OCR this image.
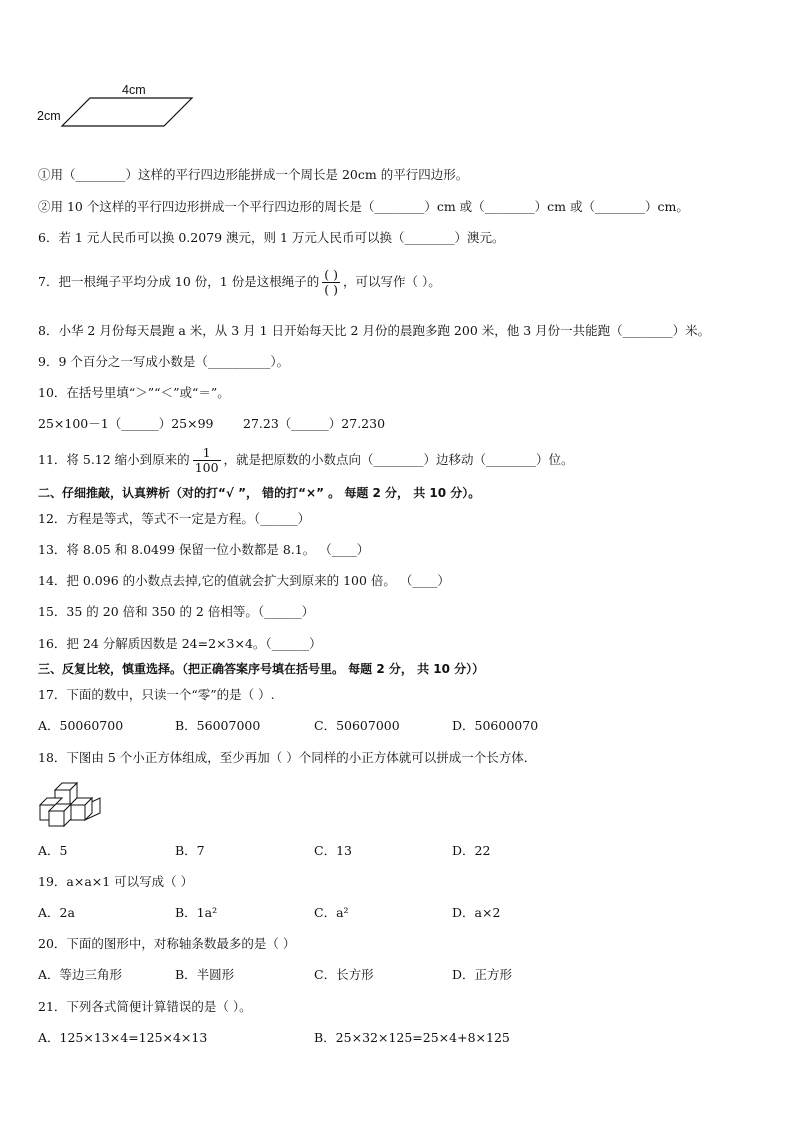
4cm
2cm
①用（________）这样的平行四边形能拼成一个周长是 20cm 的平行四边形。
②用 10 个这样的平行四边形拼成一个平行四边形的周长是（________）cm 或（________）cm 或（________）cm。
6．若 1 元人民币可以换 0.2079 澳元，则 1 万元人民币可以换（________）澳元。
7．把一根绳子平均分成 10 份，1 份是这根绳子的 $\frac{( )}{( )}$ ，可以写作（ ）。
8．小华 2 月份每天晨跑 a 米，从 3 月 1 日开始每天比 2 月份的晨跑多跑 200 米，他 3 月份一共能跑（________）米。
9．9 个百分之一写成小数是（__________）。
10．在括号里填“＞”“＜”或“＝”。
25×100－1（______）25×99 27.23（______）27.230
11．将 5.12 缩小到原来的 $\frac{1}{100}$ ，就是把原数的小数点向（________）边移动（________）位。
二、仔细推敲，认真辨析（对的打“√ ”， 错的打“×” 。 每题 2 分， 共 10 分）。
12．方程是等式，等式不一定是方程。（______）
13．将 8.05 和 8.0499 保留一位小数都是 8.1。 （____）
14．把 0.096 的小数点去掉,它的值就会扩大到原来的 100 倍。 （____）
15．35 的 20 倍和 350 的 2 倍相等。（______）
16．把 24 分解质因数是 24=2×3×4。（______）
三、反复比较，慎重选择。（把正确答案序号填在括号里。 每题 2 分， 共 10 分））
17．下面的数中，只读一个“零”的是（ ）.
A．50060700	B．56007000	C．50607000	D．50600070
18．下图由 5 个小正方体组成，至少再加（ ）个同样的小正方体就可以拼成一个长方体．
A．5	B．7	C．13	D．22
19．a×a×1 可以写成（ ）
A．2a	B．1a²	C．a²	D．a×2
20．下面的图形中，对称轴条数最多的是（ ）
A．等边三角形	B．半圆形	C．长方形	D．正方形
21．下列各式简便计算错误的是（ ）。
A．125×13×4=125×4×13	B．25×32×125=25×4+8×125
